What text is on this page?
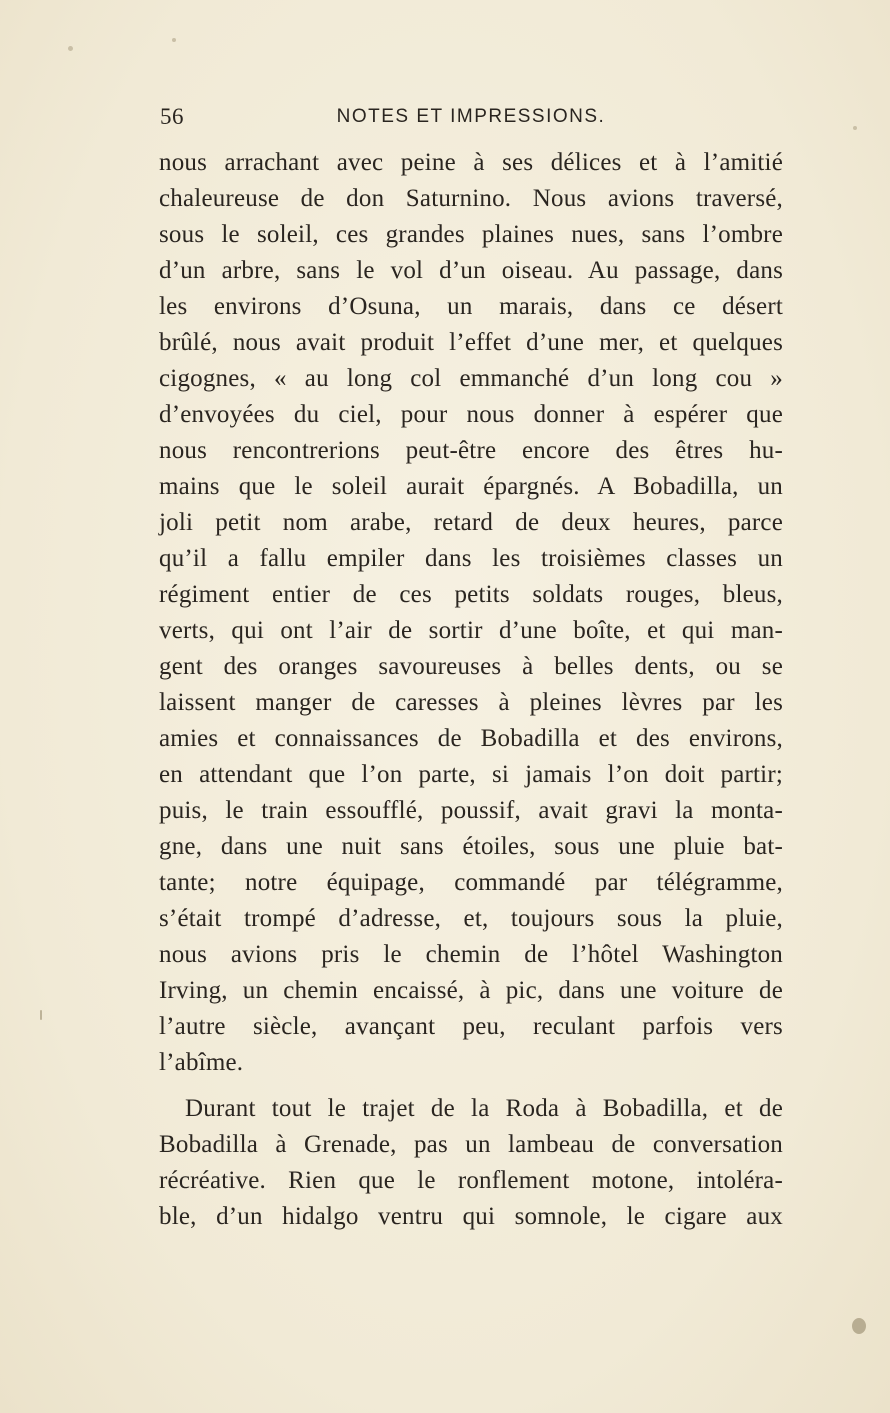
56	NOTES ET IMPRESSIONS.
nous arrachant avec peine à ses délices et à l’amitié
chaleureuse de don Saturnino. Nous avions traversé,
sous le soleil, ces grandes plaines nues, sans l’ombre
d’un arbre, sans le vol d’un oiseau. Au passage, dans
les environs d’Osuna, un marais, dans ce désert
brûlé, nous avait produit l’effet d’une mer, et quelques
cigognes, « au long col emmanché d’un long cou »
d’envoyées du ciel, pour nous donner à espérer que
nous rencontrerions peut-être encore des êtres hu-
mains que le soleil aurait épargnés. A Bobadilla, un
joli petit nom arabe, retard de deux heures, parce
qu’il a fallu empiler dans les troisièmes classes un
régiment entier de ces petits soldats rouges, bleus,
verts, qui ont l’air de sortir d’une boîte, et qui man-
gent des oranges savoureuses à belles dents, ou se
laissent manger de caresses à pleines lèvres par les
amies et connaissances de Bobadilla et des environs,
en attendant que l’on parte, si jamais l’on doit partir;
puis, le train essoufflé, poussif, avait gravi la monta-
gne, dans une nuit sans étoiles, sous une pluie bat-
tante; notre équipage, commandé par télégramme,
s’était trompé d’adresse, et, toujours sous la pluie,
nous avions pris le chemin de l’hôtel Washington
Irving, un chemin encaissé, à pic, dans une voiture de
l’autre siècle, avançant peu, reculant parfois vers
l’abîme.
Durant tout le trajet de la Roda à Bobadilla, et de
Bobadilla à Grenade, pas un lambeau de conversation
récréative. Rien que le ronflement motone, intoléra-
ble, d’un hidalgo ventru qui somnole, le cigare aux
